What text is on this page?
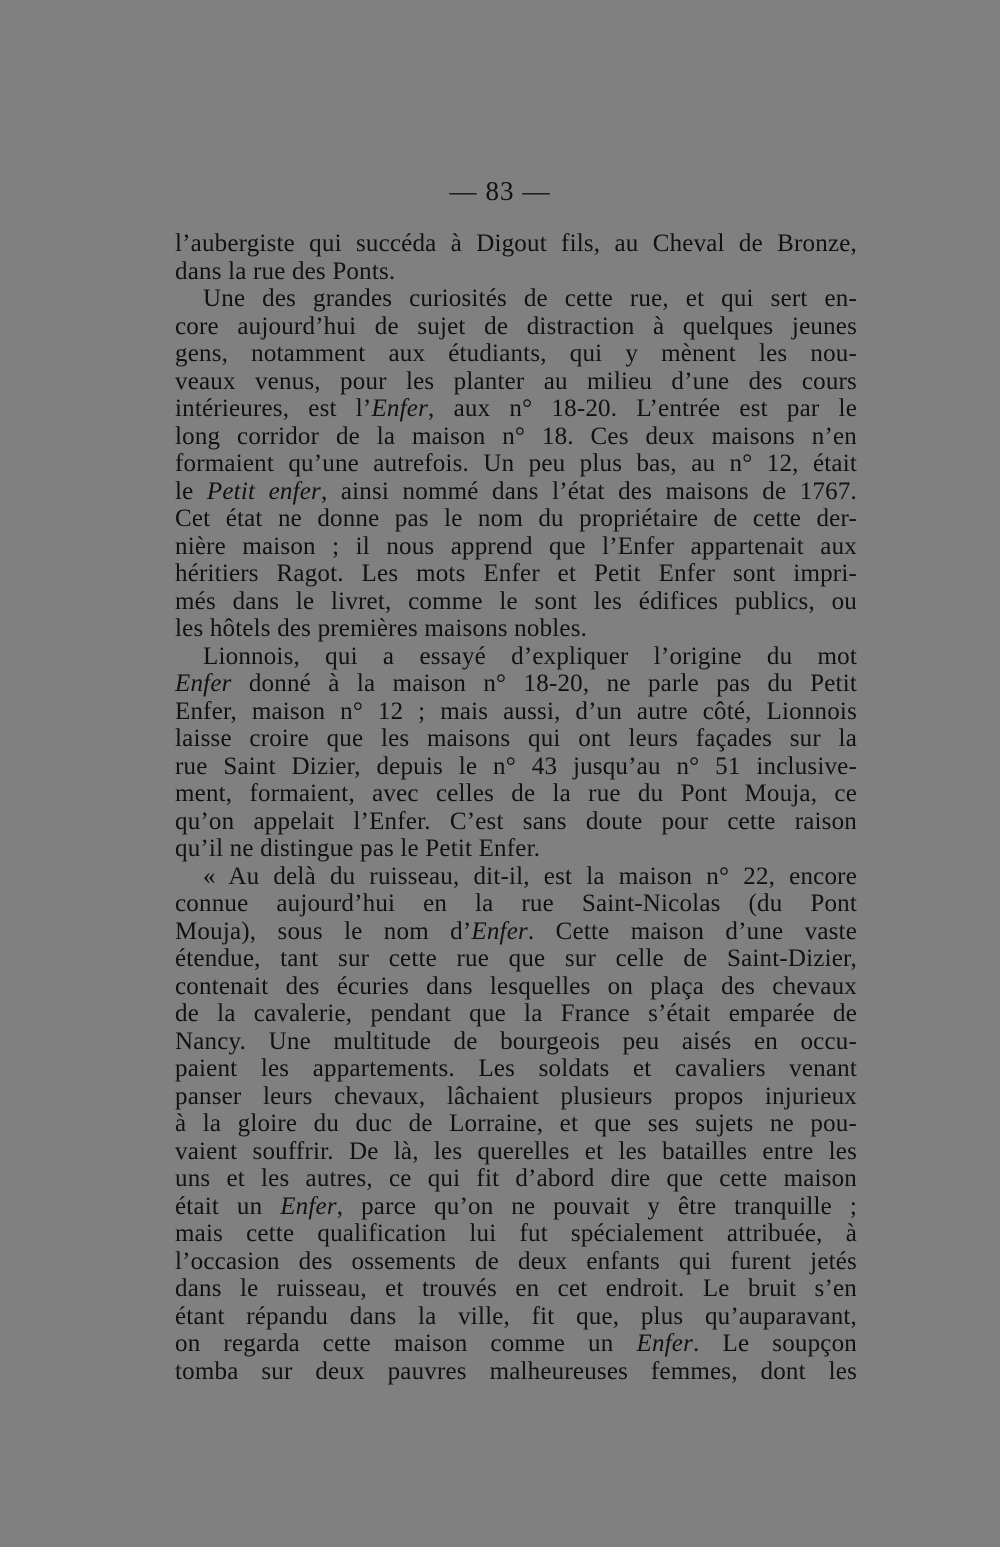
— 83 —
l’aubergiste qui succéda à Digout fils, au Cheval de Bronze,
dans la rue des Ponts.
Une des grandes curiosités de cette rue, et qui sert en-
core aujourd’hui de sujet de distraction à quelques jeunes
gens, notamment aux étudiants, qui y mènent les nou-
veaux venus, pour les planter au milieu d’une des cours
intérieures, est l’Enfer, aux n° 18-20. L’entrée est par le
long corridor de la maison n° 18. Ces deux maisons n’en
formaient qu’une autrefois. Un peu plus bas, au n° 12, était
le Petit enfer, ainsi nommé dans l’état des maisons de 1767.
Cet état ne donne pas le nom du propriétaire de cette der-
nière maison ; il nous apprend que l’Enfer appartenait aux
héritiers Ragot. Les mots Enfer et Petit Enfer sont impri-
més dans le livret, comme le sont les édifices publics, ou
les hôtels des premières maisons nobles.
Lionnois, qui a essayé d’expliquer l’origine du mot
Enfer donné à la maison n° 18-20, ne parle pas du Petit
Enfer, maison n° 12 ; mais aussi, d’un autre côté, Lionnois
laisse croire que les maisons qui ont leurs façades sur la
rue Saint Dizier, depuis le n° 43 jusqu’au n° 51 inclusive-
ment, formaient, avec celles de la rue du Pont Mouja, ce
qu’on appelait l’Enfer. C’est sans doute pour cette raison
qu’il ne distingue pas le Petit Enfer.
« Au delà du ruisseau, dit-il, est la maison n° 22, encore
connue aujourd’hui en la rue Saint-Nicolas (du Pont
Mouja), sous le nom d’Enfer. Cette maison d’une vaste
étendue, tant sur cette rue que sur celle de Saint-Dizier,
contenait des écuries dans lesquelles on plaça des chevaux
de la cavalerie, pendant que la France s’était emparée de
Nancy. Une multitude de bourgeois peu aisés en occu-
paient les appartements. Les soldats et cavaliers venant
panser leurs chevaux, lâchaient plusieurs propos injurieux
à la gloire du duc de Lorraine, et que ses sujets ne pou-
vaient souffrir. De là, les querelles et les batailles entre les
uns et les autres, ce qui fit d’abord dire que cette maison
était un Enfer, parce qu’on ne pouvait y être tranquille ;
mais cette qualification lui fut spécialement attribuée, à
l’occasion des ossements de deux enfants qui furent jetés
dans le ruisseau, et trouvés en cet endroit. Le bruit s’en
étant répandu dans la ville, fit que, plus qu’auparavant,
on regarda cette maison comme un Enfer. Le soupçon
tomba sur deux pauvres malheureuses femmes, dont les
